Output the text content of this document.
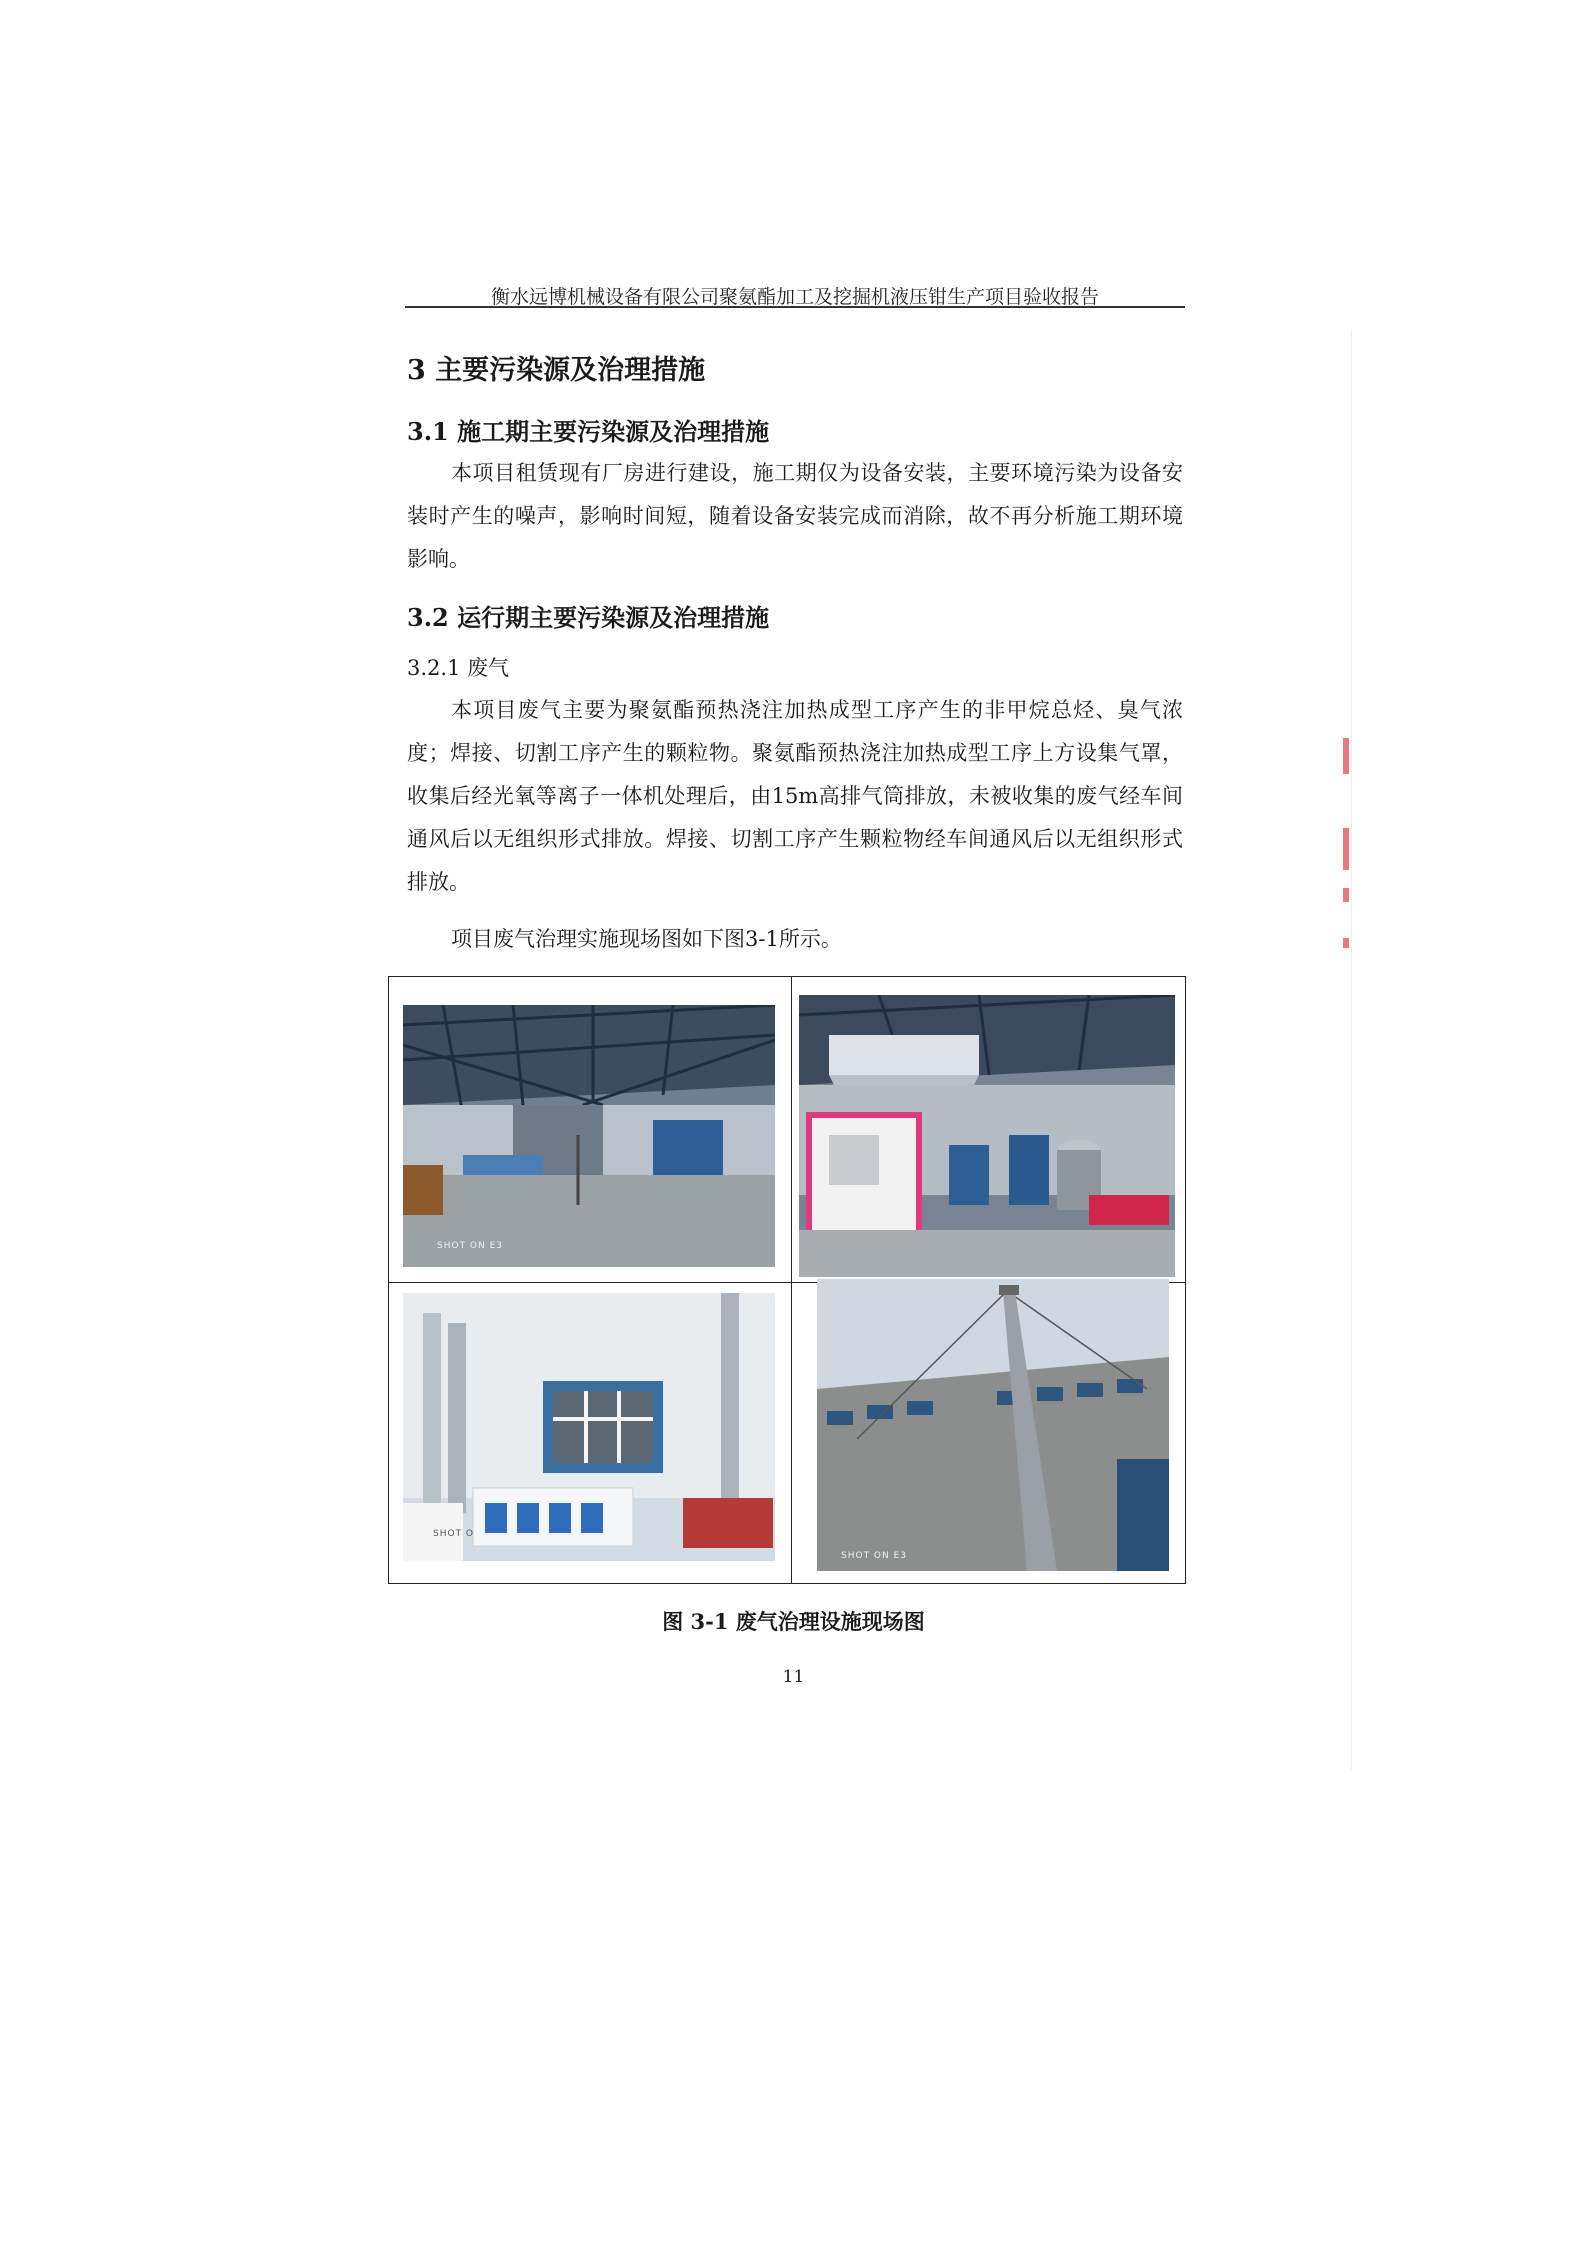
衡水远博机械设备有限公司聚氨酯加工及挖掘机液压钳生产项目验收报告
3 主要污染源及治理措施
3.1 施工期主要污染源及治理措施

本项目租赁现有厂房进行建设，施工期仅为设备安装，主要环境污染为设备安装时产生的噪声，影响时间短，随着设备安装完成而消除，故不再分析施工期环境影响。

3.2 运行期主要污染源及治理措施
3.2.1 废气

本项目废气主要为聚氨酯预热浇注加热成型工序产生的非甲烷总烃、臭气浓度；焊接、切割工序产生的颗粒物。聚氨酯预热浇注加热成型工序上方设集气罩，收集后经光氧等离子一体机处理后，由15m高排气筒排放，未被收集的废气经车间通风后以无组织形式排放。焊接、切割工序产生颗粒物经车间通风后以无组织形式排放。

项目废气治理实施现场图如下图3-1所示。

SHOT ON E3
SHOT O
SHOT ON E3
图 3-1 废气治理设施现场图
11
